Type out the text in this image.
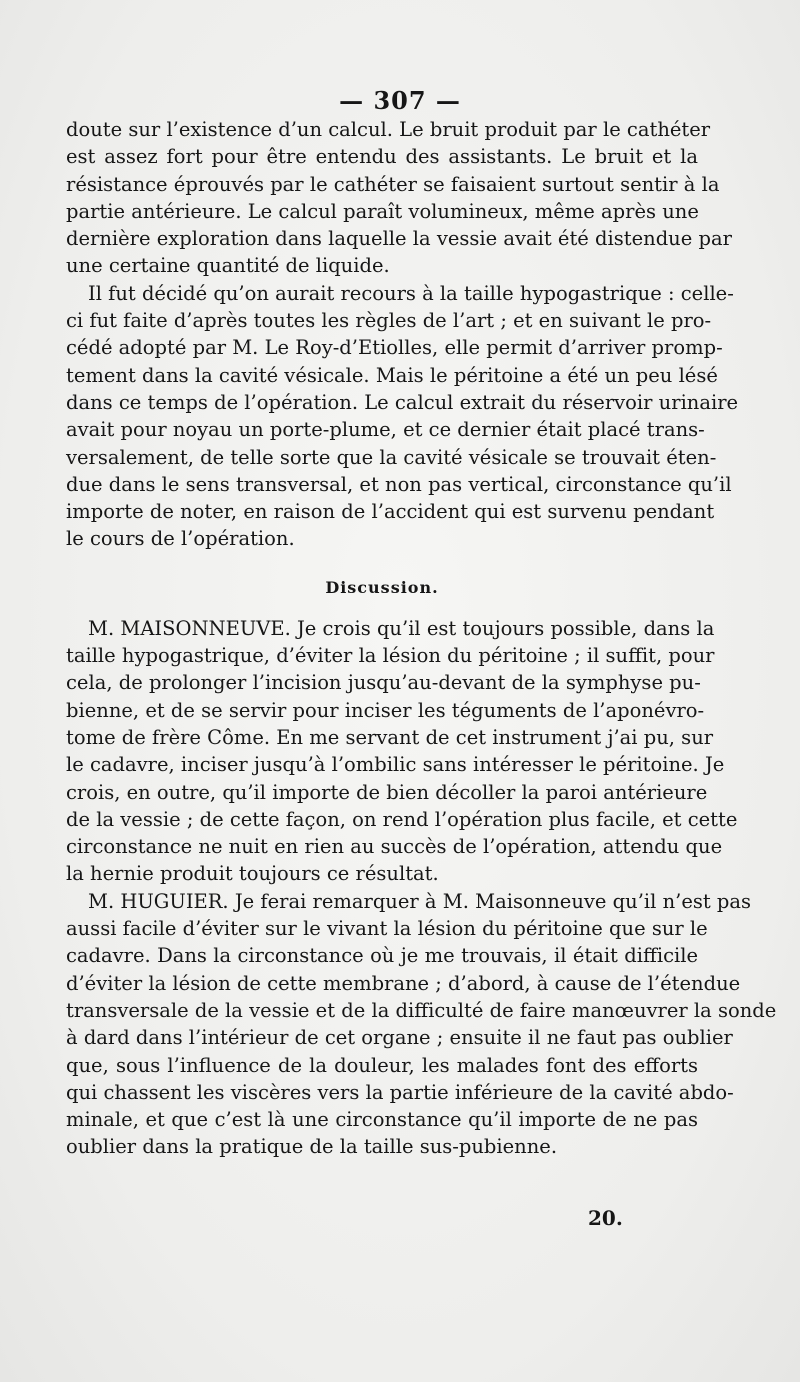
— 307 —
doute sur l’existence d’un calcul. Le bruit produit par le cathéter
est assez fort pour être entendu des assistants. Le bruit et la
résistance éprouvés par le cathéter se faisaient surtout sentir à la
partie antérieure. Le calcul paraît volumineux, même après une
dernière exploration dans laquelle la vessie avait été distendue par
une certaine quantité de liquide.
Il fut décidé qu’on aurait recours à la taille hypogastrique : celle-
ci fut faite d’après toutes les règles de l’art ; et en suivant le pro-
cédé adopté par M. Le Roy-d’Etiolles, elle permit d’arriver promp-
tement dans la cavité vésicale. Mais le péritoine a été un peu lésé
dans ce temps de l’opération. Le calcul extrait du réservoir urinaire
avait pour noyau un porte-plume, et ce dernier était placé trans-
versalement, de telle sorte que la cavité vésicale se trouvait éten-
due dans le sens transversal, et non pas vertical, circonstance qu’il
importe de noter, en raison de l’accident qui est survenu pendant
le cours de l’opération.
Discussion.
M. MAISONNEUVE. Je crois qu’il est toujours possible, dans la
taille hypogastrique, d’éviter la lésion du péritoine ; il suffit, pour
cela, de prolonger l’incision jusqu’au-devant de la symphyse pu-
bienne, et de se servir pour inciser les téguments de l’aponévro-
tome de frère Côme. En me servant de cet instrument j’ai pu, sur
le cadavre, inciser jusqu’à l’ombilic sans intéresser le péritoine. Je
crois, en outre, qu’il importe de bien décoller la paroi antérieure
de la vessie ; de cette façon, on rend l’opération plus facile, et cette
circonstance ne nuit en rien au succès de l’opération, attendu que
la hernie produit toujours ce résultat.
M. HUGUIER. Je ferai remarquer à M. Maisonneuve qu’il n’est pas
aussi facile d’éviter sur le vivant la lésion du péritoine que sur le
cadavre. Dans la circonstance où je me trouvais, il était difficile
d’éviter la lésion de cette membrane ; d’abord, à cause de l’étendue
transversale de la vessie et de la difficulté de faire manœuvrer la sonde
à dard dans l’intérieur de cet organe ; ensuite il ne faut pas oublier
que, sous l’influence de la douleur, les malades font des efforts
qui chassent les viscères vers la partie inférieure de la cavité abdo-
minale, et que c’est là une circonstance qu’il importe de ne pas
oublier dans la pratique de la taille sus-pubienne.
20.
